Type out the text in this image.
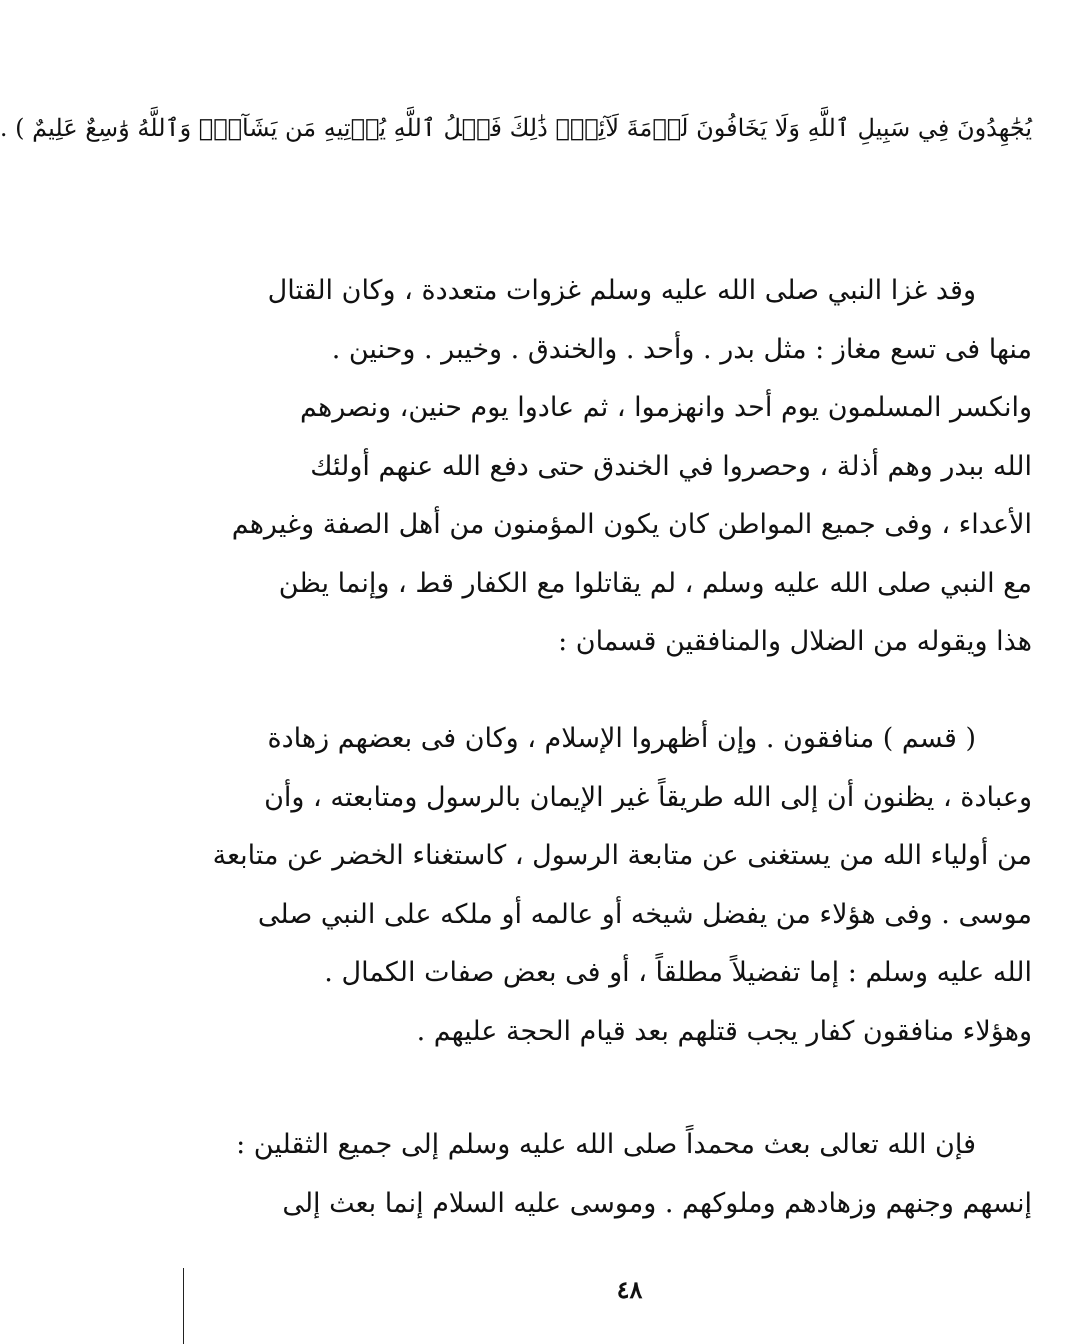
يُجَٰهِدُونَ فِي سَبِيلِ ٱللَّهِ وَلَا يَخَافُونَ لَوۡمَةَ لَآئِمٖۚ ذَٰلِكَ فَضۡلُ ٱللَّهِ يُؤۡتِيهِ مَن يَشَآءُۚ وَٱللَّهُ وَٰسِعٌ عَلِيمٌ ) .

وقد غزا النبي صلى الله عليه وسلم غزوات متعددة ، وكان القتال

منها فى تسع مغاز : مثل بدر . وأحد . والخندق . وخيبر . وحنين .

وانكسر المسلمون يوم أحد وانهزموا ، ثم عادوا يوم حنين، ونصرهم

الله ببدر وهم أذلة ، وحصروا في الخندق حتى دفع الله عنهم أولئك

الأعداء ، وفى جميع المواطن كان يكون المؤمنون من أهل الصفة وغيرهم

مع النبي صلى الله عليه وسلم ، لم يقاتلوا مع الكفار قط ، وإنما يظن

هذا ويقوله من الضلال والمنافقين قسمان :

( قسم ) منافقون . وإن أظهروا الإسلام ، وكان فى بعضهم زهادة

وعبادة ، يظنون أن إلى الله طريقاً غير الإيمان بالرسول ومتابعته ، وأن

من أولياء الله من يستغنى عن متابعة الرسول ، كاستغناء الخضر عن متابعة

موسى . وفى هؤلاء من يفضل شيخه أو عالمه أو ملكه على النبي صلى

الله عليه وسلم : إما تفضيلاً مطلقاً ، أو فى بعض صفات الكمال .

وهؤلاء منافقون كفار يجب قتلهم بعد قيام الحجة عليهم .

فإن الله تعالى بعث محمداً صلى الله عليه وسلم إلى جميع الثقلين :

إنسهم وجنهم وزهادهم وملوكهم . وموسى عليه السلام إنما بعث إلى

٤٨
